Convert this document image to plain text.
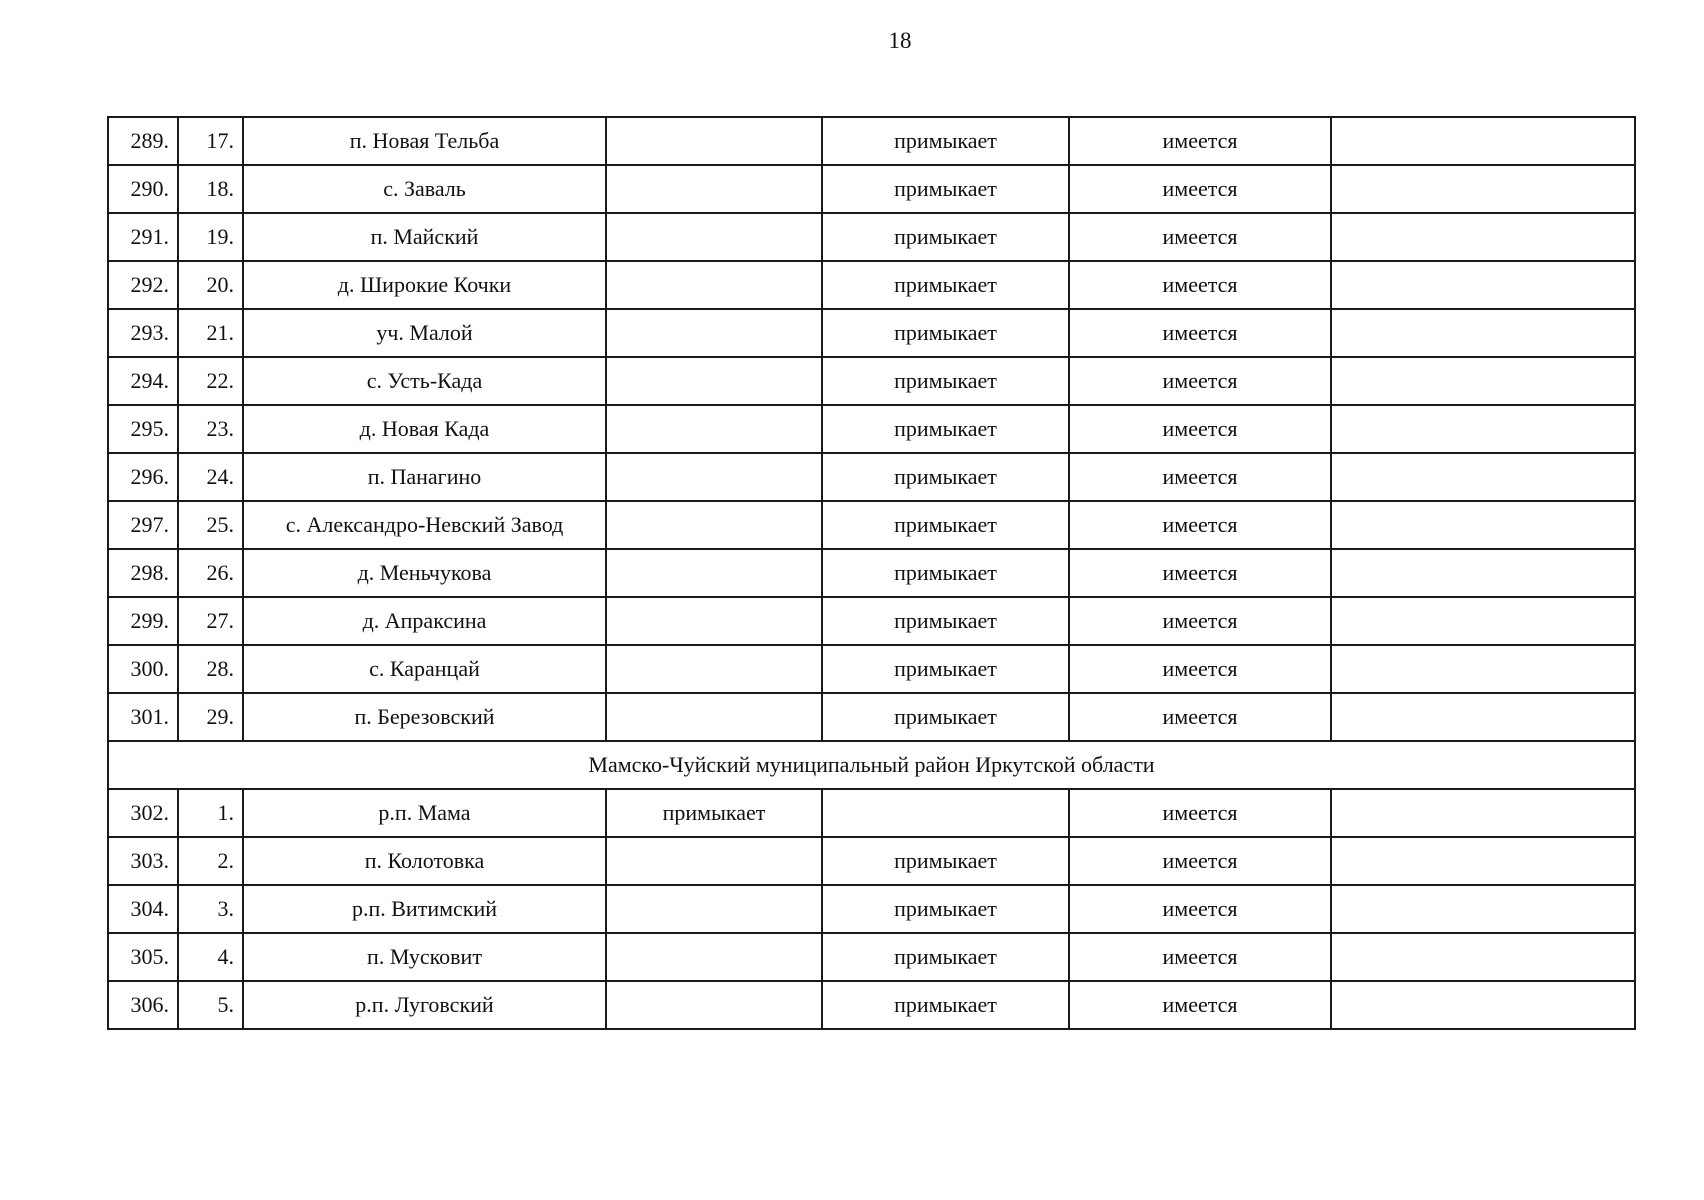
18
289.	17.	п. Новая Тельба		примыкает	имеется	
290.	18.	с. Заваль		примыкает	имеется	
291.	19.	п. Майский		примыкает	имеется	
292.	20.	д. Широкие Кочки		примыкает	имеется	
293.	21.	уч. Малой		примыкает	имеется	
294.	22.	с. Усть-Када		примыкает	имеется	
295.	23.	д. Новая Када		примыкает	имеется	
296.	24.	п. Панагино		примыкает	имеется	
297.	25.	с. Александро-Невский Завод		примыкает	имеется	
298.	26.	д. Меньчукова		примыкает	имеется	
299.	27.	д. Апраксина		примыкает	имеется	
300.	28.	с. Каранцай		примыкает	имеется	
301.	29.	п. Березовский		примыкает	имеется	
Мамско-Чуйский муниципальный район Иркутской области						
302.	1.	р.п. Мама	примыкает		имеется	
303.	2.	п. Колотовка		примыкает	имеется	
304.	3.	р.п. Витимский		примыкает	имеется	
305.	4.	п. Мусковит		примыкает	имеется	
306.	5.	р.п. Луговский		примыкает	имеется	
